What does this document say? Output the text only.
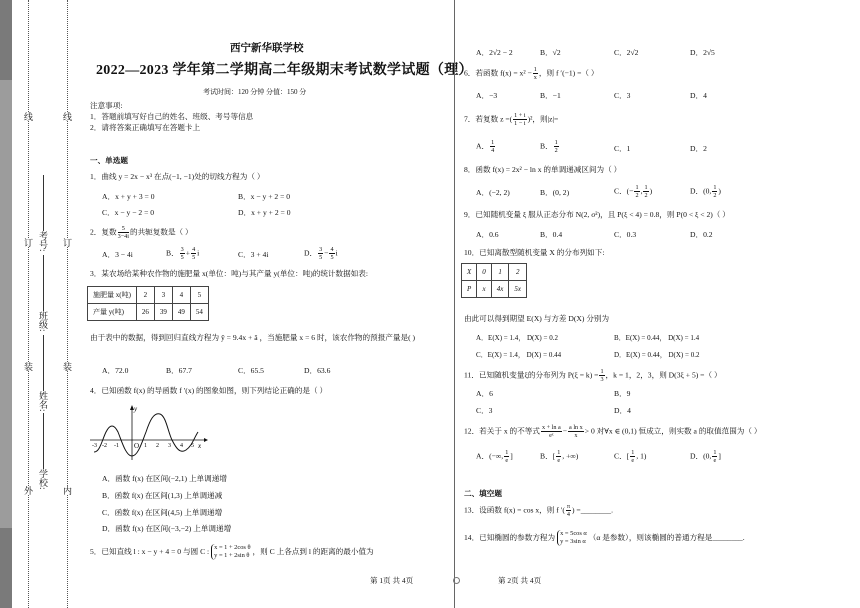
线
订
装
外
线
订
装
内
考号:
班级:
姓名:
学校:
西宁新华联学校
2022—2023 学年第二学期高二年级期末考试数学试题（理）
考试时间：120 分钟 分值：150 分
注意事项:
1．答题前填写好自己的姓名、班级、考号等信息
2．请将答案正确填写在答题卡上
一、单选题
1．曲线 y = 2x − x³ 在点(−1, −1)处的切线方程为（ ）
A．x + y + 3 = 0	B．x − y + 2 = 0
C．x − y − 2 = 0	D．x + y + 2 = 0
2．复数 $\frac{5}{3-4i}$ 的共轭复数是（ ）
A．3 − 4i	B． $\frac{3}{5} + \frac{4}{5}$ i	C．3 + 4i	D． $\frac{3}{5} - \frac{4}{5}$ i
3．某农场给某种农作物的施肥量 x(单位：吨)与其产量 y(单位：吨)的统计数据如表:
施肥量 x(吨)	2	3	4	5
产量 y(吨)	26	39	49	54
由于表中的数据，得到回归直线方程为 ŷ = 9.4x + â ，当施肥量 x = 6 时，该农作物的预报产量是( )
A．72.0	B．67.7	C．65.5	D．63.6
4．已知函数 f(x) 的导函数 f ′(x) 的图象如图，则下列结论正确的是（ ）
y
x
O
-3 -2 -1	1 2 3 4 5
A．函数 f(x) 在区间(−2,1) 上单调递增
B．函数 f(x) 在区间(1,3) 上单调递减
C．函数 f(x) 在区间(4,5) 上单调递增
D．函数 f(x) 在区间(−3,−2) 上单调递增
5．已知直线 l : x − y + 4 = 0 与圆 C : x = 1 + 2cos θ
y = 1 + 2sin θ ，则 C 上各点到 l 的距离的最小值为
A．2√2 − 2	B．√2	C．2√2	D．2√5
6．若函数 $f(x) = x^2 - \frac{1}{x}$ ，则 f ′(−1) =（ ）
A．−3	B．−1	C．3	D．4
7．若复数 z =( $\frac{1 + i}{1 - i} )^2$，则|z|=
A． $\frac{1}{4}$	B． $\frac{1}{2}$	C．1	D．2
8．函数 f(x) = 2x² − ln x 的单调递减区间为（ ）
A．(−2, 2)	B．(0, 2)	C．(− $\frac{1}{2}$ , $\frac{1}{2}$ )	D．(0, $\frac{1}{2}$ )
9．已知随机变量 ξ 服从正态分布 N(2, σ²)，且 P(ξ < 4) = 0.8，则 P(0 < ξ < 2)（ ）
A．0.6	B．0.4	C．0.3	D．0.2
10．已知离散型随机变量 X 的分布列如下:
X	0	1	2
P	x	4x	5x
由此可以得到期望 E(X) 与方差 D(X) 分别为
A．E(X) = 1.4， D(X) = 0.2	B．E(X) = 0.44， D(X) = 1.4
C．E(X) = 1.4， D(X) = 0.44	D．E(X) = 0.44， D(X) = 0.2
11．已知随机变量ξ的分布列为 $P(\xi = k) = \frac{1}{3}$ ，k = 1，2，3，则 D(3ξ + 5) =（ ）
A．6	B．9
C．3	D．4
12．若关于 x 的不等式 $\frac{\text{x + ln a}}{\text{eˣ}} - \frac{\text{a ln x}}{x} > 0$ 对∀x ∈ (0,1) 恒成立，则实数 a 的取值范围为（ ）
A．(−∞, $\frac{1}{e}$ ]	B．[ $\frac{1}{e}$ , +∞)	C．[ $\frac{1}{e}$ , 1)	D．(0, $\frac{1}{e}$ ]
二、填空题
13．设函数 f(x) = cos x，则 f ′( $\frac{\pi}{4}$ ) =________.
14．已知椭圆的参数方程为 x = 5cos α
y = 3sin α （α 是参数），则该椭圆的普通方程是________.
第 1页 共 4页	第 2页 共 4页
